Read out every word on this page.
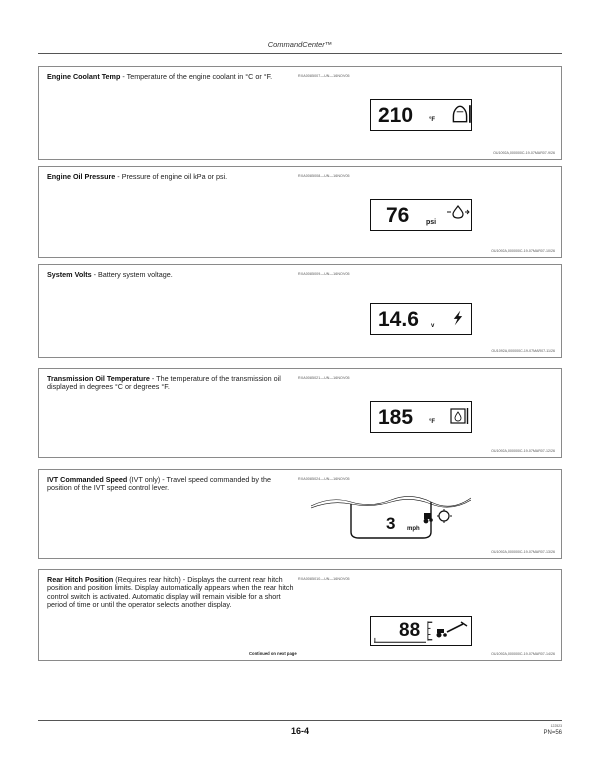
CommandCenter™
Engine Coolant Temp - Temperature of the engine coolant in °C or °F.	RXA0085007—UN—16NOV05
210	°F
OU1092A,000000C-19-07MAR07-9/26
Engine Oil Pressure - Pressure of engine oil kPa or psi.	RXA0085008—UN—16NOV05
76 psi
OU1092A,000000C-19-07MAR07-10/26
System Volts - Battery system voltage.	RXA0085009—UN—16NOV05
14.6 v
OU1092A,000000C-19-07MAR07-11/26
Transmission Oil Temperature - The temperature of the transmission oil displayed in degrees °C or degrees °F.
RXA0085021—UN—16NOV05
185	°F
OU1092A,000000C-19-07MAR07-12/26
IVT Commanded Speed (IVT only) - Travel speed commanded by the position of the IVT speed control lever.
RXA0085024—UN—16NOV05
3 mph
OU1092A,000000C-19-07MAR07-13/26
Rear Hitch Position (Requires rear hitch) - Displays the current rear hitch position and position limits. Display automatically appears when the rear hitch control switch is activated. Automatic display will remain visible for a short period of time or until the operator selects another display.
RXA0085010—UN—16NOV05
88
Continued on next page	OU1092A,000000C-19-07MAR07-14/26
16-4	122523
PN=56
